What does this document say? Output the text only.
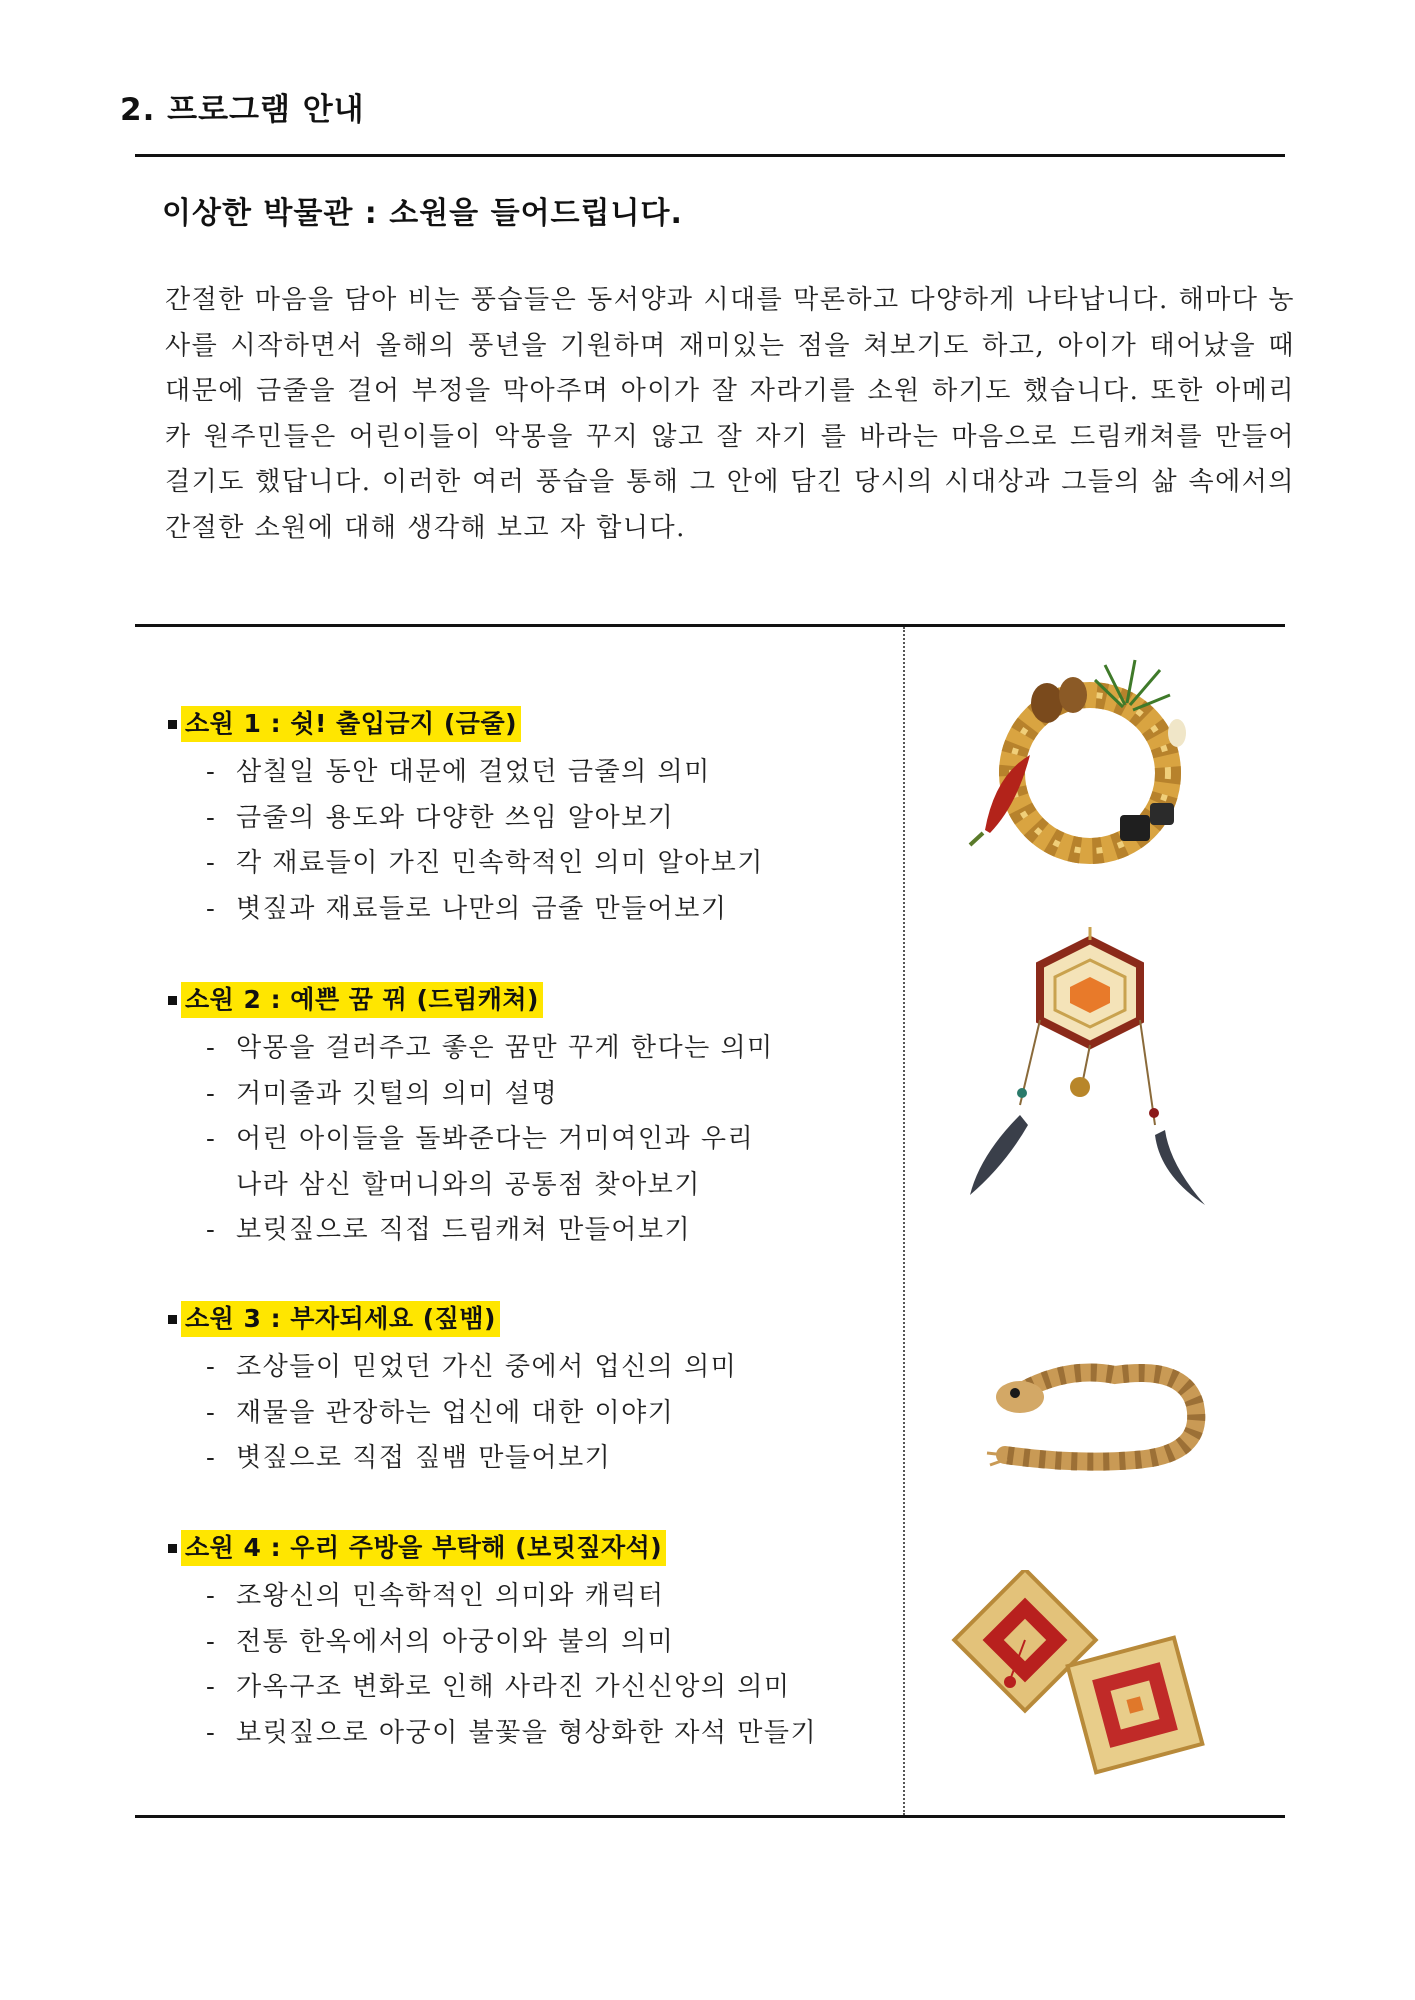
2. 프로그램 안내
이상한 박물관 : 소원을 들어드립니다.

간절한 마음을 담아 비는 풍습들은 동서양과 시대를 막론하고 다양하게 나타납니다. 해마다 농사를 시작하면서 올해의 풍년을 기원하며 재미있는 점을 쳐보기도 하고, 아이가 태어났을 때 대문에 금줄을 걸어 부정을 막아주며 아이가 잘 자라기를 소원 하기도 했습니다. 또한 아메리카 원주민들은 어린이들이 악몽을 꾸지 않고 잘 자기 를 바라는 마음으로 드림캐쳐를 만들어 걸기도 했답니다. 이러한 여러 풍습을 통해 그 안에 담긴 당시의 시대상과 그들의 삶 속에서의 간절한 소원에 대해 생각해 보고 자 합니다.

소원 1 : 쉿! 출입금지 (금줄)
- 삼칠일 동안 대문에 걸었던 금줄의 의미
- 금줄의 용도와 다양한 쓰임 알아보기
- 각 재료들이 가진 민속학적인 의미 알아보기
- 볏짚과 재료들로 나만의 금줄 만들어보기
소원 2 : 예쁜 꿈 꿔 (드림캐쳐)
- 악몽을 걸러주고 좋은 꿈만 꾸게 한다는 의미
- 거미줄과 깃털의 의미 설명
- 어린 아이들을 돌봐준다는 거미여인과 우리
나라 삼신 할머니와의 공통점 찾아보기
- 보릿짚으로 직접 드림캐쳐 만들어보기
소원 3 : 부자되세요 (짚뱀)
- 조상들이 믿었던 가신 중에서 업신의 의미
- 재물을 관장하는 업신에 대한 이야기
- 볏짚으로 직접 짚뱀 만들어보기
소원 4 : 우리 주방을 부탁해 (보릿짚자석)
- 조왕신의 민속학적인 의미와 캐릭터
- 전통 한옥에서의 아궁이와 불의 의미
- 가옥구조 변화로 인해 사라진 가신신앙의 의미
- 보릿짚으로 아궁이 불꽃을 형상화한 자석 만들기
